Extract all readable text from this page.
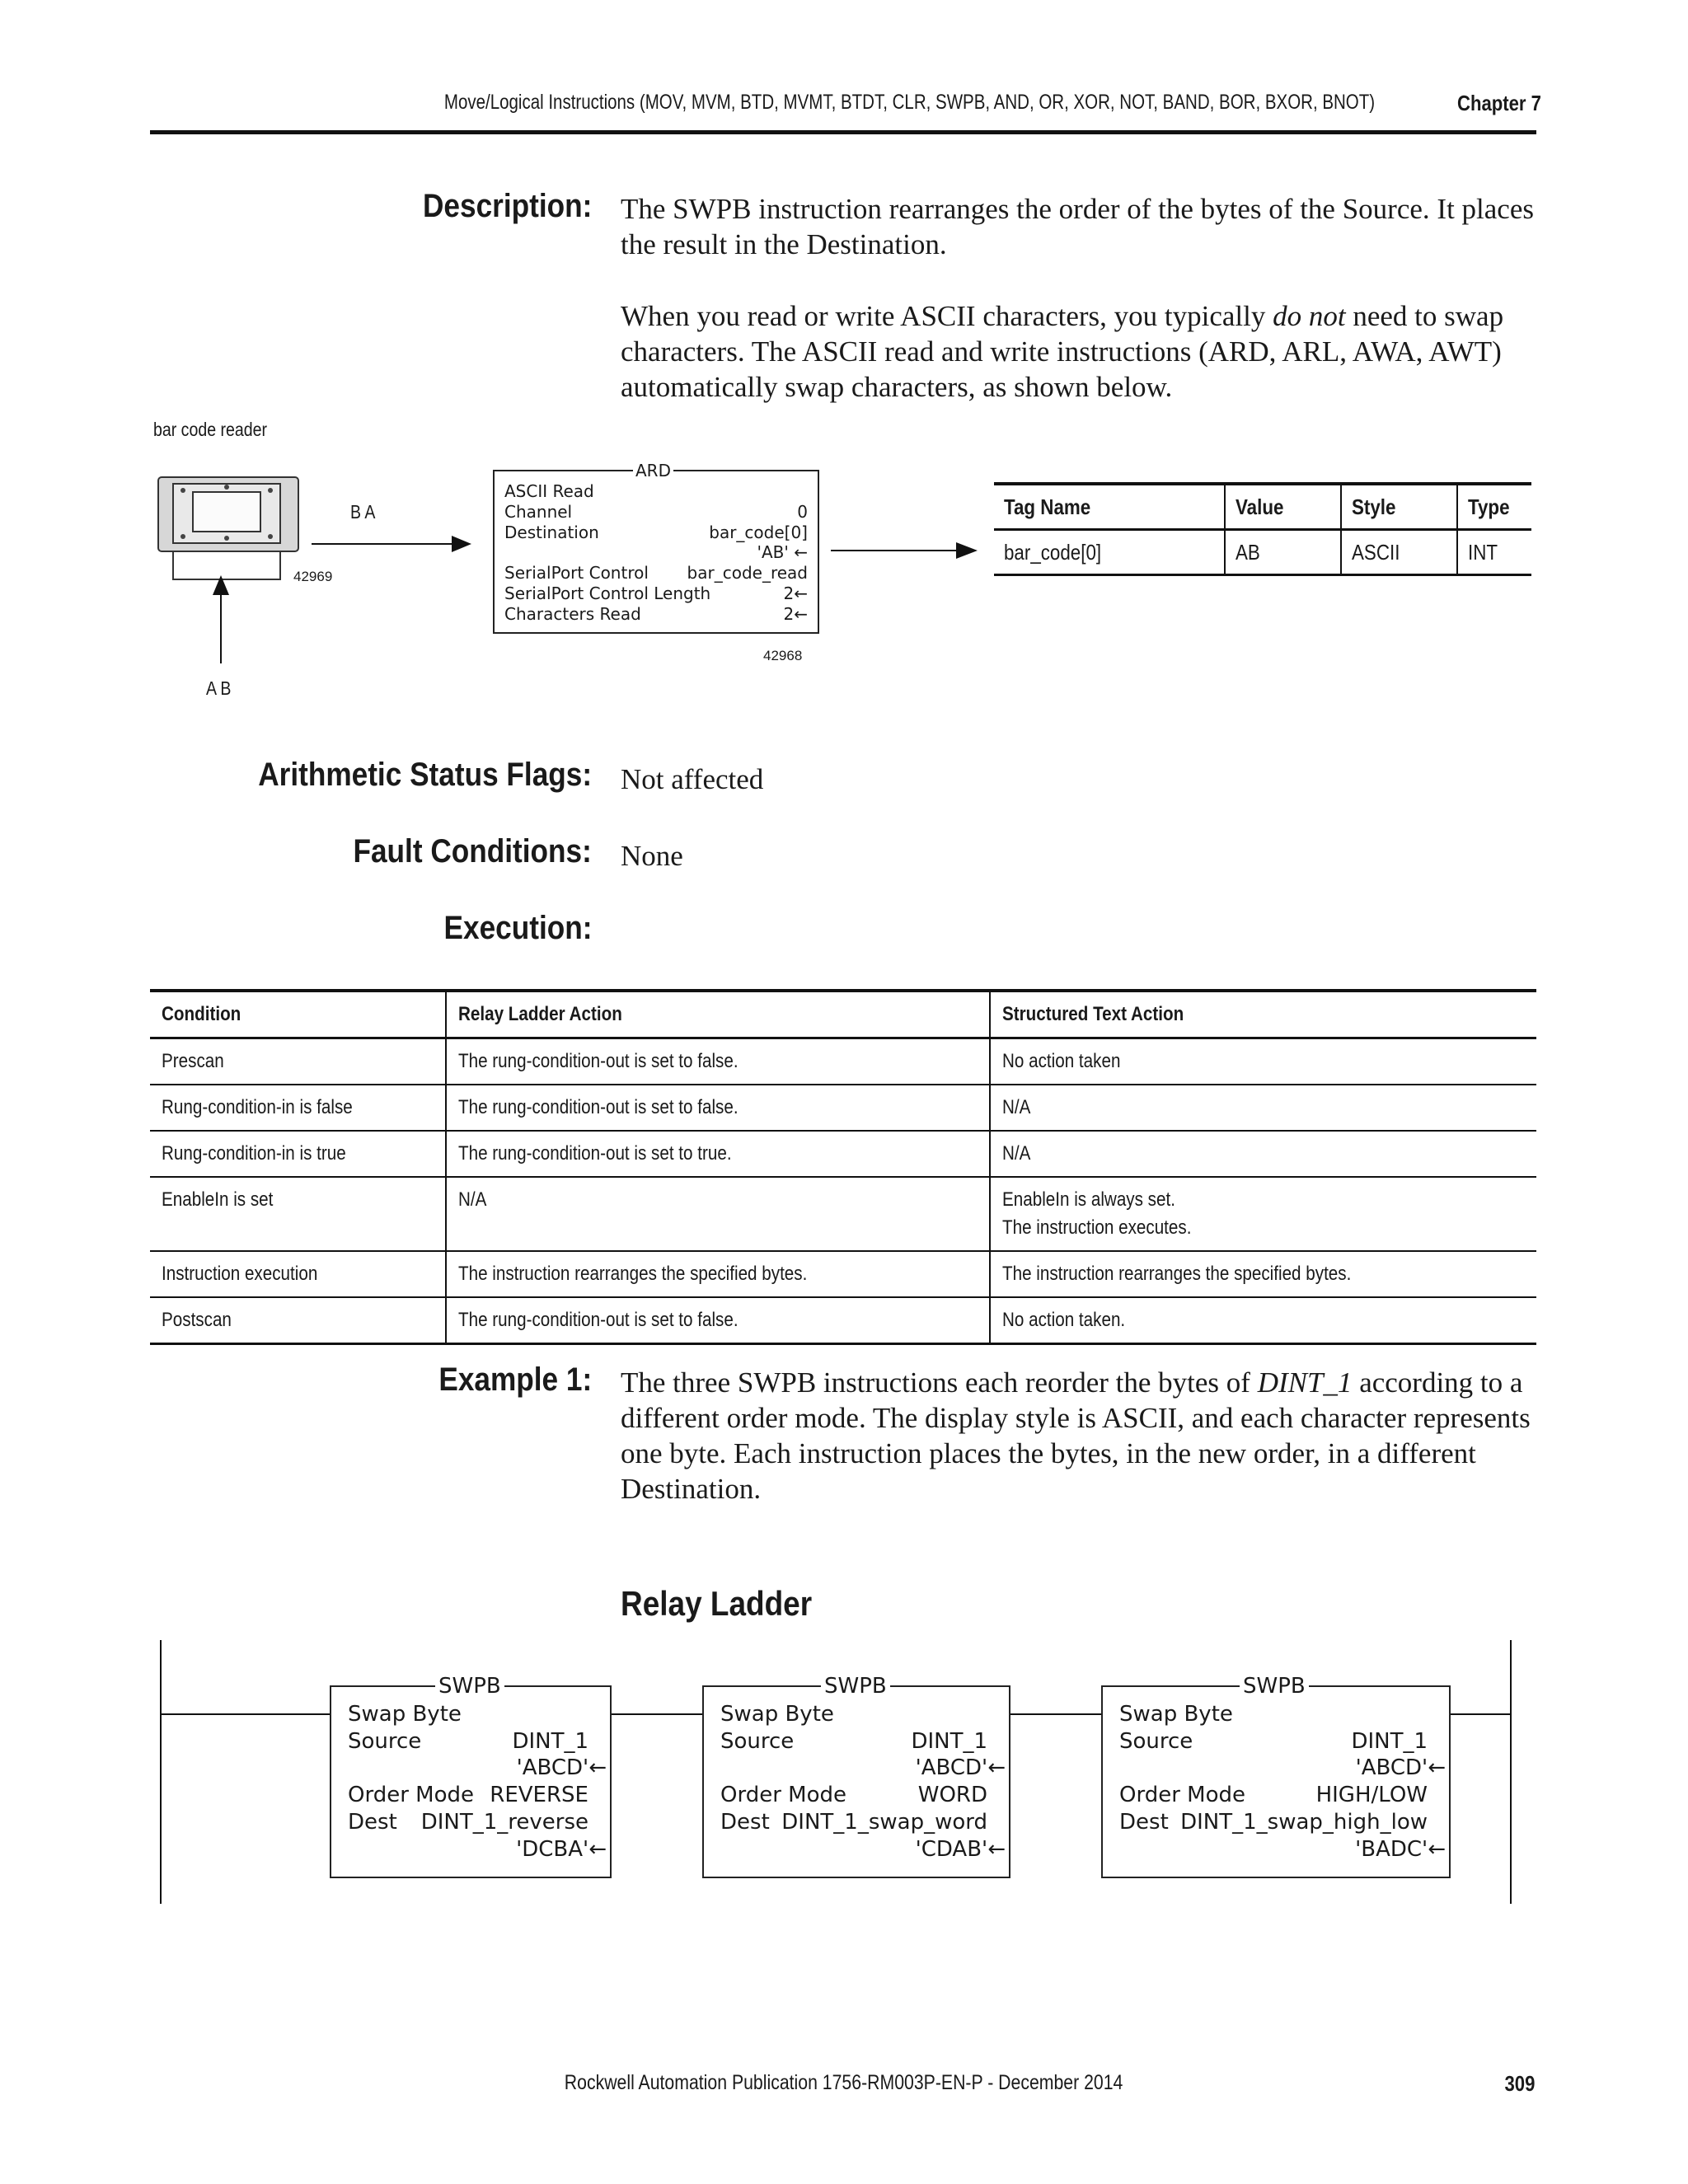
Move/Logical Instructions (MOV, MVM, BTD, MVMT, BTDT, CLR, SWPB, AND, OR, XOR, NOT, BAND, BOR, BXOR, BNOT)	Chapter 7
Description: The SWPB instruction rearranges the order of the bytes of the Source. It places the result in the Destination.
When you read or write ASCII characters, you typically do not need to swap characters. The ASCII read and write instructions (ARD, ARL, AWA, AWT) automatically swap characters, as shown below.
bar code reader
42969
B A
A B
ARD
ASCII Read
Channel	0
Destination	bar_code[0]
'AB' ←
SerialPort Control bar_code_read
SerialPort Control Length	2←
Characters Read	2←
42968
Tag Name	Value	Style	Type
bar_code[0]	AB	ASCII	INT
Arithmetic Status Flags: Not affected
Fault Conditions: None
Execution:
Condition	Relay Ladder Action	Structured Text Action
Prescan	The rung-condition-out is set to false.	No action taken
Rung-condition-in is false	The rung-condition-out is set to false.	N/A
Rung-condition-in is true	The rung-condition-out is set to true.	N/A
EnableIn is set	N/A	EnableIn is always set.
The instruction executes.
Instruction execution	The instruction rearranges the specified bytes.	The instruction rearranges the specified bytes.
Postscan	The rung-condition-out is set to false.	No action taken.
Example 1: The three SWPB instructions each reorder the bytes of DINT_1 according to a different order mode. The display style is ASCII, and each character represents one byte. Each instruction places the bytes, in the new order, in a different Destination.
Relay Ladder
SWPB
Swap Byte
Source	DINT_1
'ABCD'←
Order Mode REVERSE
Dest DINT_1_reverse
'DCBA'←
SWPB
Swap Byte
Source	DINT_1
'ABCD'←
Order Mode	WORD
Dest DINT_1_swap_word
'CDAB'←
SWPB
Swap Byte
Source	DINT_1
'ABCD'←
Order Mode	HIGH/LOW
Dest DINT_1_swap_high_low
'BADC'←
Rockwell Automation Publication 1756-RM003P-EN-P - December 2014	309
